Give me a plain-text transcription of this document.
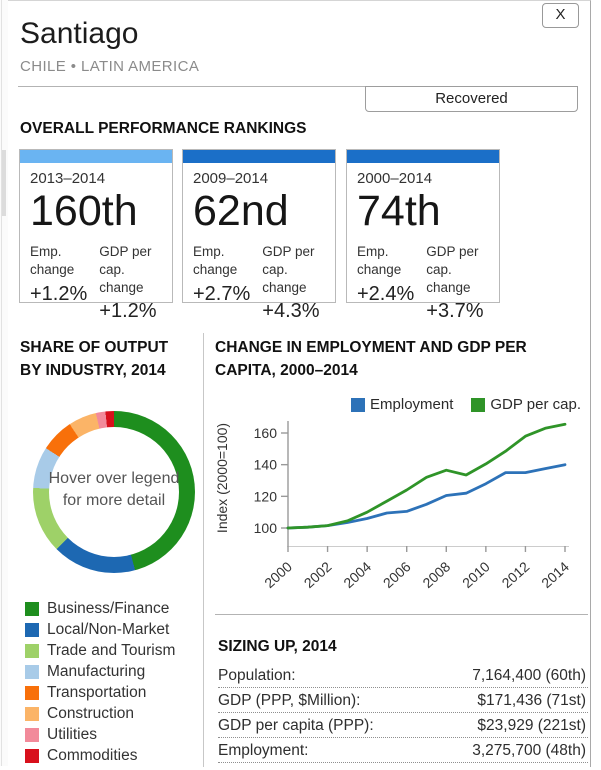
X
Santiago
CHILE • LATIN AMERICA
Recovered
OVERALL PERFORMANCE RANKINGS
2013–2014
160th
Emp.
change
+1.2%
GDP per cap.
change
+1.2%
2009–2014
62nd
Emp.
change
+2.7%
GDP per cap.
change
+4.3%
2000–2014
74th
Emp.
change
+2.4%
GDP per cap.
change
+3.7%
SHARE OF OUTPUT BY INDUSTRY, 2014
Hover over legend for more detail
Business/Finance
Local/Non-Market
Trade and Tourism
Manufacturing
Transportation
Construction
Utilities
Commodities
CHANGE IN EMPLOYMENT AND GDP PER CAPITA, 2000–2014
Employment GDP per cap.
100
120
140
160
2000 2002 2004 2006 2008 2010 2012 2014
Index (2000=100)
SIZING UP, 2014
Population:	7,164,400 (60th)
GDP (PPP, $Million):	$171,436 (71st)
GDP per capita (PPP):	$23,929 (221st)
Employment:	3,275,700 (48th)
